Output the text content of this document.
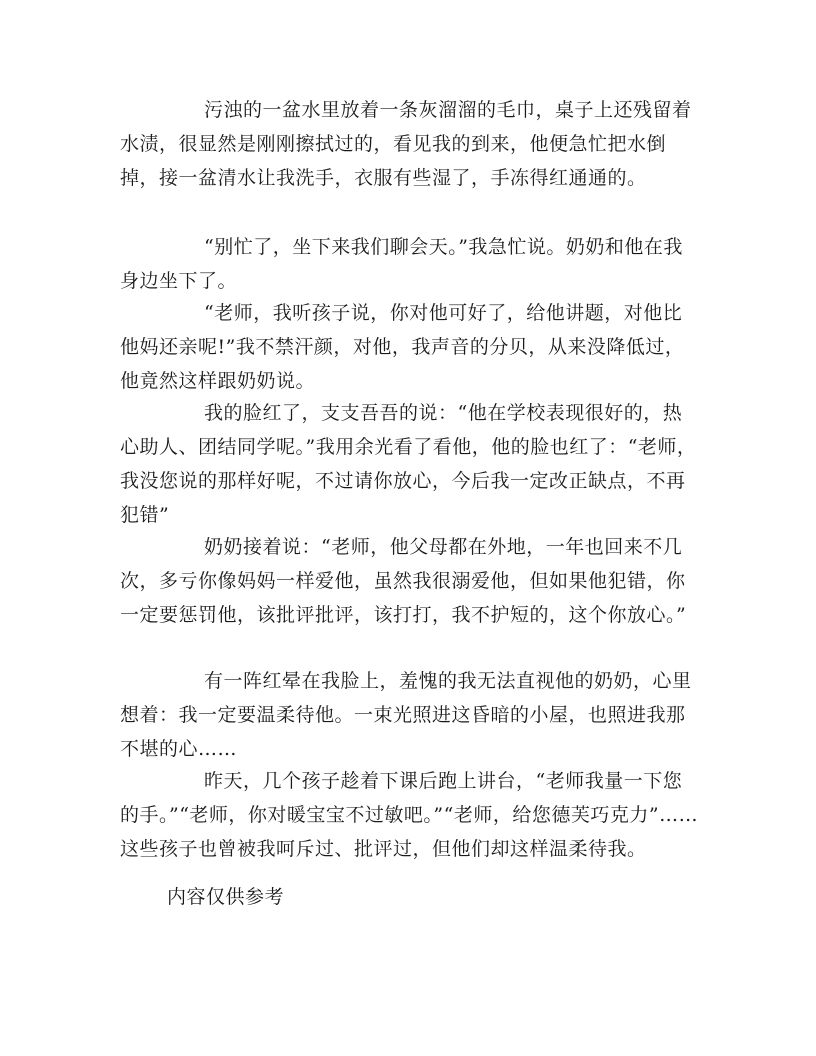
污浊的一盆水里放着一条灰溜溜的毛巾，桌子上还残留着水渍，很显然是刚刚擦拭过的，看见我的到来，他便急忙把水倒掉，接一盆清水让我洗手，衣服有些湿了，手冻得红通通的。

“别忙了，坐下来我们聊会天。”我急忙说。奶奶和他在我身边坐下了。

“老师，我听孩子说，你对他可好了，给他讲题，对他比他妈还亲呢!”我不禁汗颜，对他，我声音的分贝，从来没降低过，他竟然这样跟奶奶说。

我的脸红了，支支吾吾的说：“他在学校表现很好的，热心助人、团结同学呢。”我用余光看了看他，他的脸也红了：“老师，我没您说的那样好呢，不过请你放心，今后我一定改正缺点，不再犯错”

奶奶接着说：“老师，他父母都在外地，一年也回来不几次，多亏你像妈妈一样爱他，虽然我很溺爱他，但如果他犯错，你一定要惩罚他，该批评批评，该打打，我不护短的，这个你放心。”

有一阵红晕在我脸上，羞愧的我无法直视他的奶奶，心里想着：我一定要温柔待他。一束光照进这昏暗的小屋，也照进我那不堪的心……

昨天，几个孩子趁着下课后跑上讲台，“老师我量一下您的手。”“老师，你对暖宝宝不过敏吧。”“老师，给您德芙巧克力”……这些孩子也曾被我呵斥过、批评过，但他们却这样温柔待我。

内容仅供参考
